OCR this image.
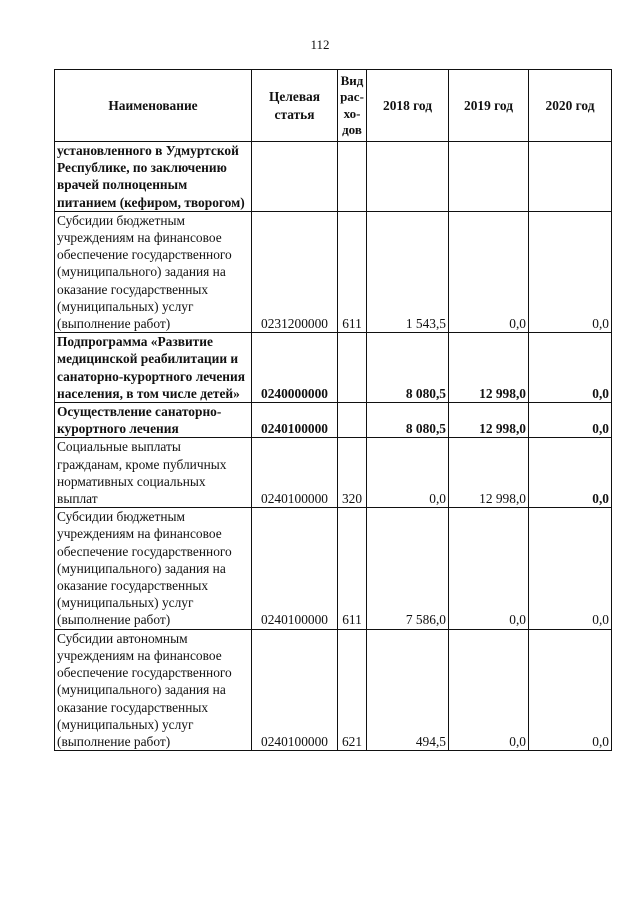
112
Наименование	Целевая статья	Вид рас-хо-дов	2018 год	2019 год	2020 год
установленного в Удмуртской Республике, по заключению врачей полноценным питанием (кефиром, творогом)					
Субсидии бюджетным учреждениям на финансовое обеспечение государственного (муниципального) задания на оказание государственных (муниципальных) услуг (выполнение работ)	0231200000	611	1 543,5	0,0	0,0
Подпрограмма «Развитие медицинской реабилитации и санаторно-курортного лечения населения, в том числе детей»	0240000000		8 080,5	12 998,0	0,0
Осуществление санаторно-курортного лечения	0240100000		8 080,5	12 998,0	0,0
Социальные выплаты гражданам, кроме публичных нормативных социальных выплат	0240100000	320	0,0	12 998,0	0,0
Субсидии бюджетным учреждениям на финансовое обеспечение государственного (муниципального) задания на оказание государственных (муниципальных) услуг (выполнение работ)	0240100000	611	7 586,0	0,0	0,0
Субсидии автономным учреждениям на финансовое обеспечение государственного (муниципального) задания на оказание государственных (муниципальных) услуг (выполнение работ)	0240100000	621	494,5	0,0	0,0
